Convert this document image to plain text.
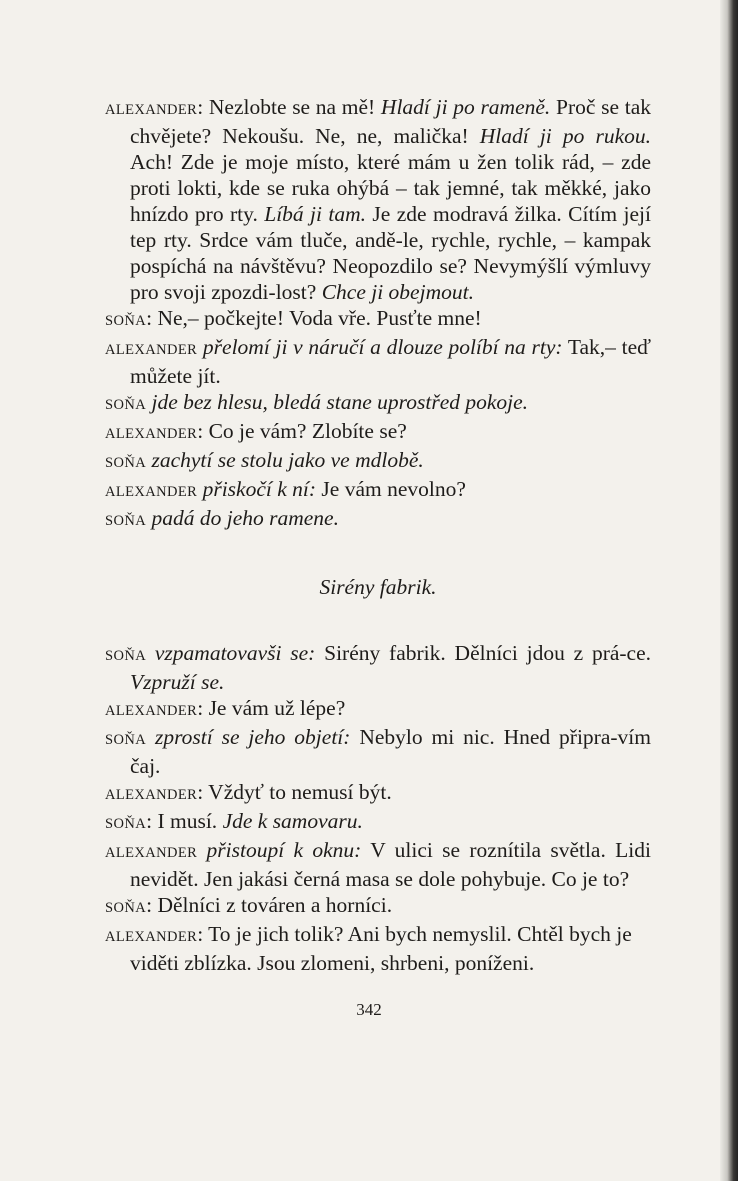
ALEXANDER: Nezlobte se na mě! Hladí ji po rameně. Proč se tak chvějete? Nekoušu. Ne, ne, malička! Hladí ji po rukou. Ach! Zde je moje místo, které mám u žen tolik rád, – zde proti lokti, kde se ruka ohýbá – tak jemné, tak měkké, jako hnízdo pro rty. Líbá ji tam. Je zde modravá žilka. Cítím její tep rty. Srdce vám tluče, andě-le, rychle, rychle, – kampak pospíchá na návštěvu? Neopozdilo se? Nevymýšlí výmluvy pro svoji zpozdi-lost? Chce ji obejmout.

SOŇA: Ne,– počkejte! Voda vře. Pusťte mne!

ALEXANDER přelomí ji v náručí a dlouze políbí na rty: Tak,– teď můžete jít.

SOŇA jde bez hlesu, bledá stane uprostřed pokoje.

ALEXANDER: Co je vám? Zlobíte se?

SOŇA zachytí se stolu jako ve mdlobě.

ALEXANDER přiskočí k ní: Je vám nevolno?

SOŇA padá do jeho ramene.

Sirény fabrik.

SOŇA vzpamatovavši se: Sirény fabrik. Dělníci jdou z prá-ce. Vzpruží se.

ALEXANDER: Je vám už lépe?

SOŇA zprostí se jeho objetí: Nebylo mi nic. Hned připra-vím čaj.

ALEXANDER: Vždyť to nemusí být.

SOŇA: I musí. Jde k samovaru.

ALEXANDER přistoupí k oknu: V ulici se roznítila světla. Lidi nevidět. Jen jakási černá masa se dole pohybuje. Co je to?

SOŇA: Dělníci z továren a horníci.

ALEXANDER: To je jich tolik? Ani bych nemyslil. Chtěl bych je viděti zblízka. Jsou zlomeni, shrbeni, poníženi.

342
